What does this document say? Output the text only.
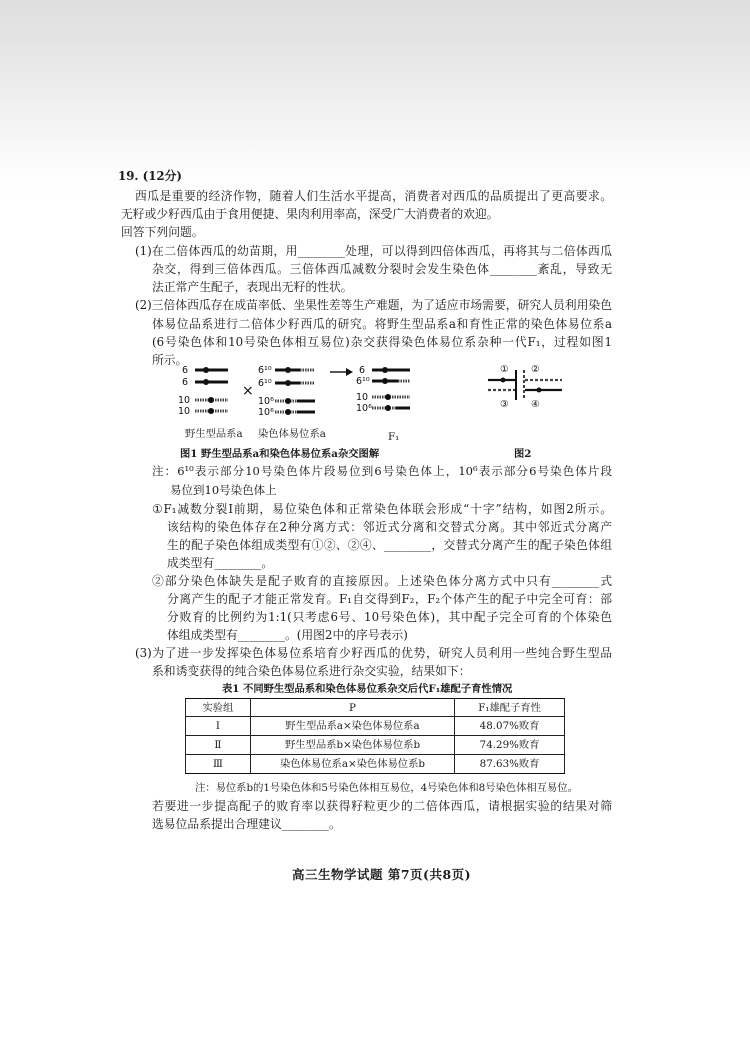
19. (12分)
西瓜是重要的经济作物，随着人们生活水平提高，消费者对西瓜的品质提出了更高要求。
无籽或少籽西瓜由于食用便捷、果肉利用率高，深受广大消费者的欢迎。
回答下列问题。
(1)在二倍体西瓜的幼苗期，用________处理，可以得到四倍体西瓜，再将其与二倍体西瓜
杂交，得到三倍体西瓜。三倍体西瓜减数分裂时会发生染色体________紊乱，导致无
法正常产生配子，表现出无籽的性状。
(2)三倍体西瓜存在成苗率低、坐果性差等生产难题，为了适应市场需要，研究人员利用染色
体易位品系进行二倍体少籽西瓜的研究。将野生型品系a和育性正常的染色体易位系a
(6号染色体和10号染色体相互易位)杂交获得染色体易位系杂种一代F₁，过程如图1
所示。
6
6
10
10
×
6¹⁰
6¹⁰
10⁶
10⁶
6
6¹⁰
10
10⁶
① ②
③ ④
野生型品系a 染色体易位系a	F₁
图1 野生型品系a和染色体易位系a杂交图解	图2
注：6¹⁰表示部分10号染色体片段易位到6号染色体上，10⁶表示部分6号染色体片段
易位到10号染色体上
①F₁减数分裂Ⅰ前期，易位染色体和正常染色体联会形成“十字”结构，如图2所示。
该结构的染色体存在2种分离方式：邻近式分离和交替式分离。其中邻近式分离产
生的配子染色体组成类型有①②、②④、________，交替式分离产生的配子染色体组
成类型有________。
②部分染色体缺失是配子败育的直接原因。上述染色体分离方式中只有________式
分离产生的配子才能正常发育。F₁自交得到F₂，F₂个体产生的配子中完全可育：部
分败育的比例约为1:1(只考虑6号、10号染色体)，其中配子完全可育的个体染色
体组成类型有________。(用图2中的序号表示)
(3)为了进一步发挥染色体易位系培育少籽西瓜的优势，研究人员利用一些纯合野生型品
系和诱变获得的纯合染色体易位系进行杂交实验，结果如下：
表1 不同野生型品系和染色体易位系杂交后代F₁雄配子育性情况
实验组	P	F₁雄配子育性
Ⅰ	野生型品系a×染色体易位系a	48.07%败育
Ⅱ	野生型品系b×染色体易位系b	74.29%败育
Ⅲ	染色体易位系a×染色体易位系b	87.63%败育
注：易位系b的1号染色体和5号染色体相互易位，4号染色体和8号染色体相互易位。
若要进一步提高配子的败育率以获得籽粒更少的二倍体西瓜，请根据实验的结果对筛
选易位品系提出合理建议________。
高三生物学试题 第7页(共8页)
